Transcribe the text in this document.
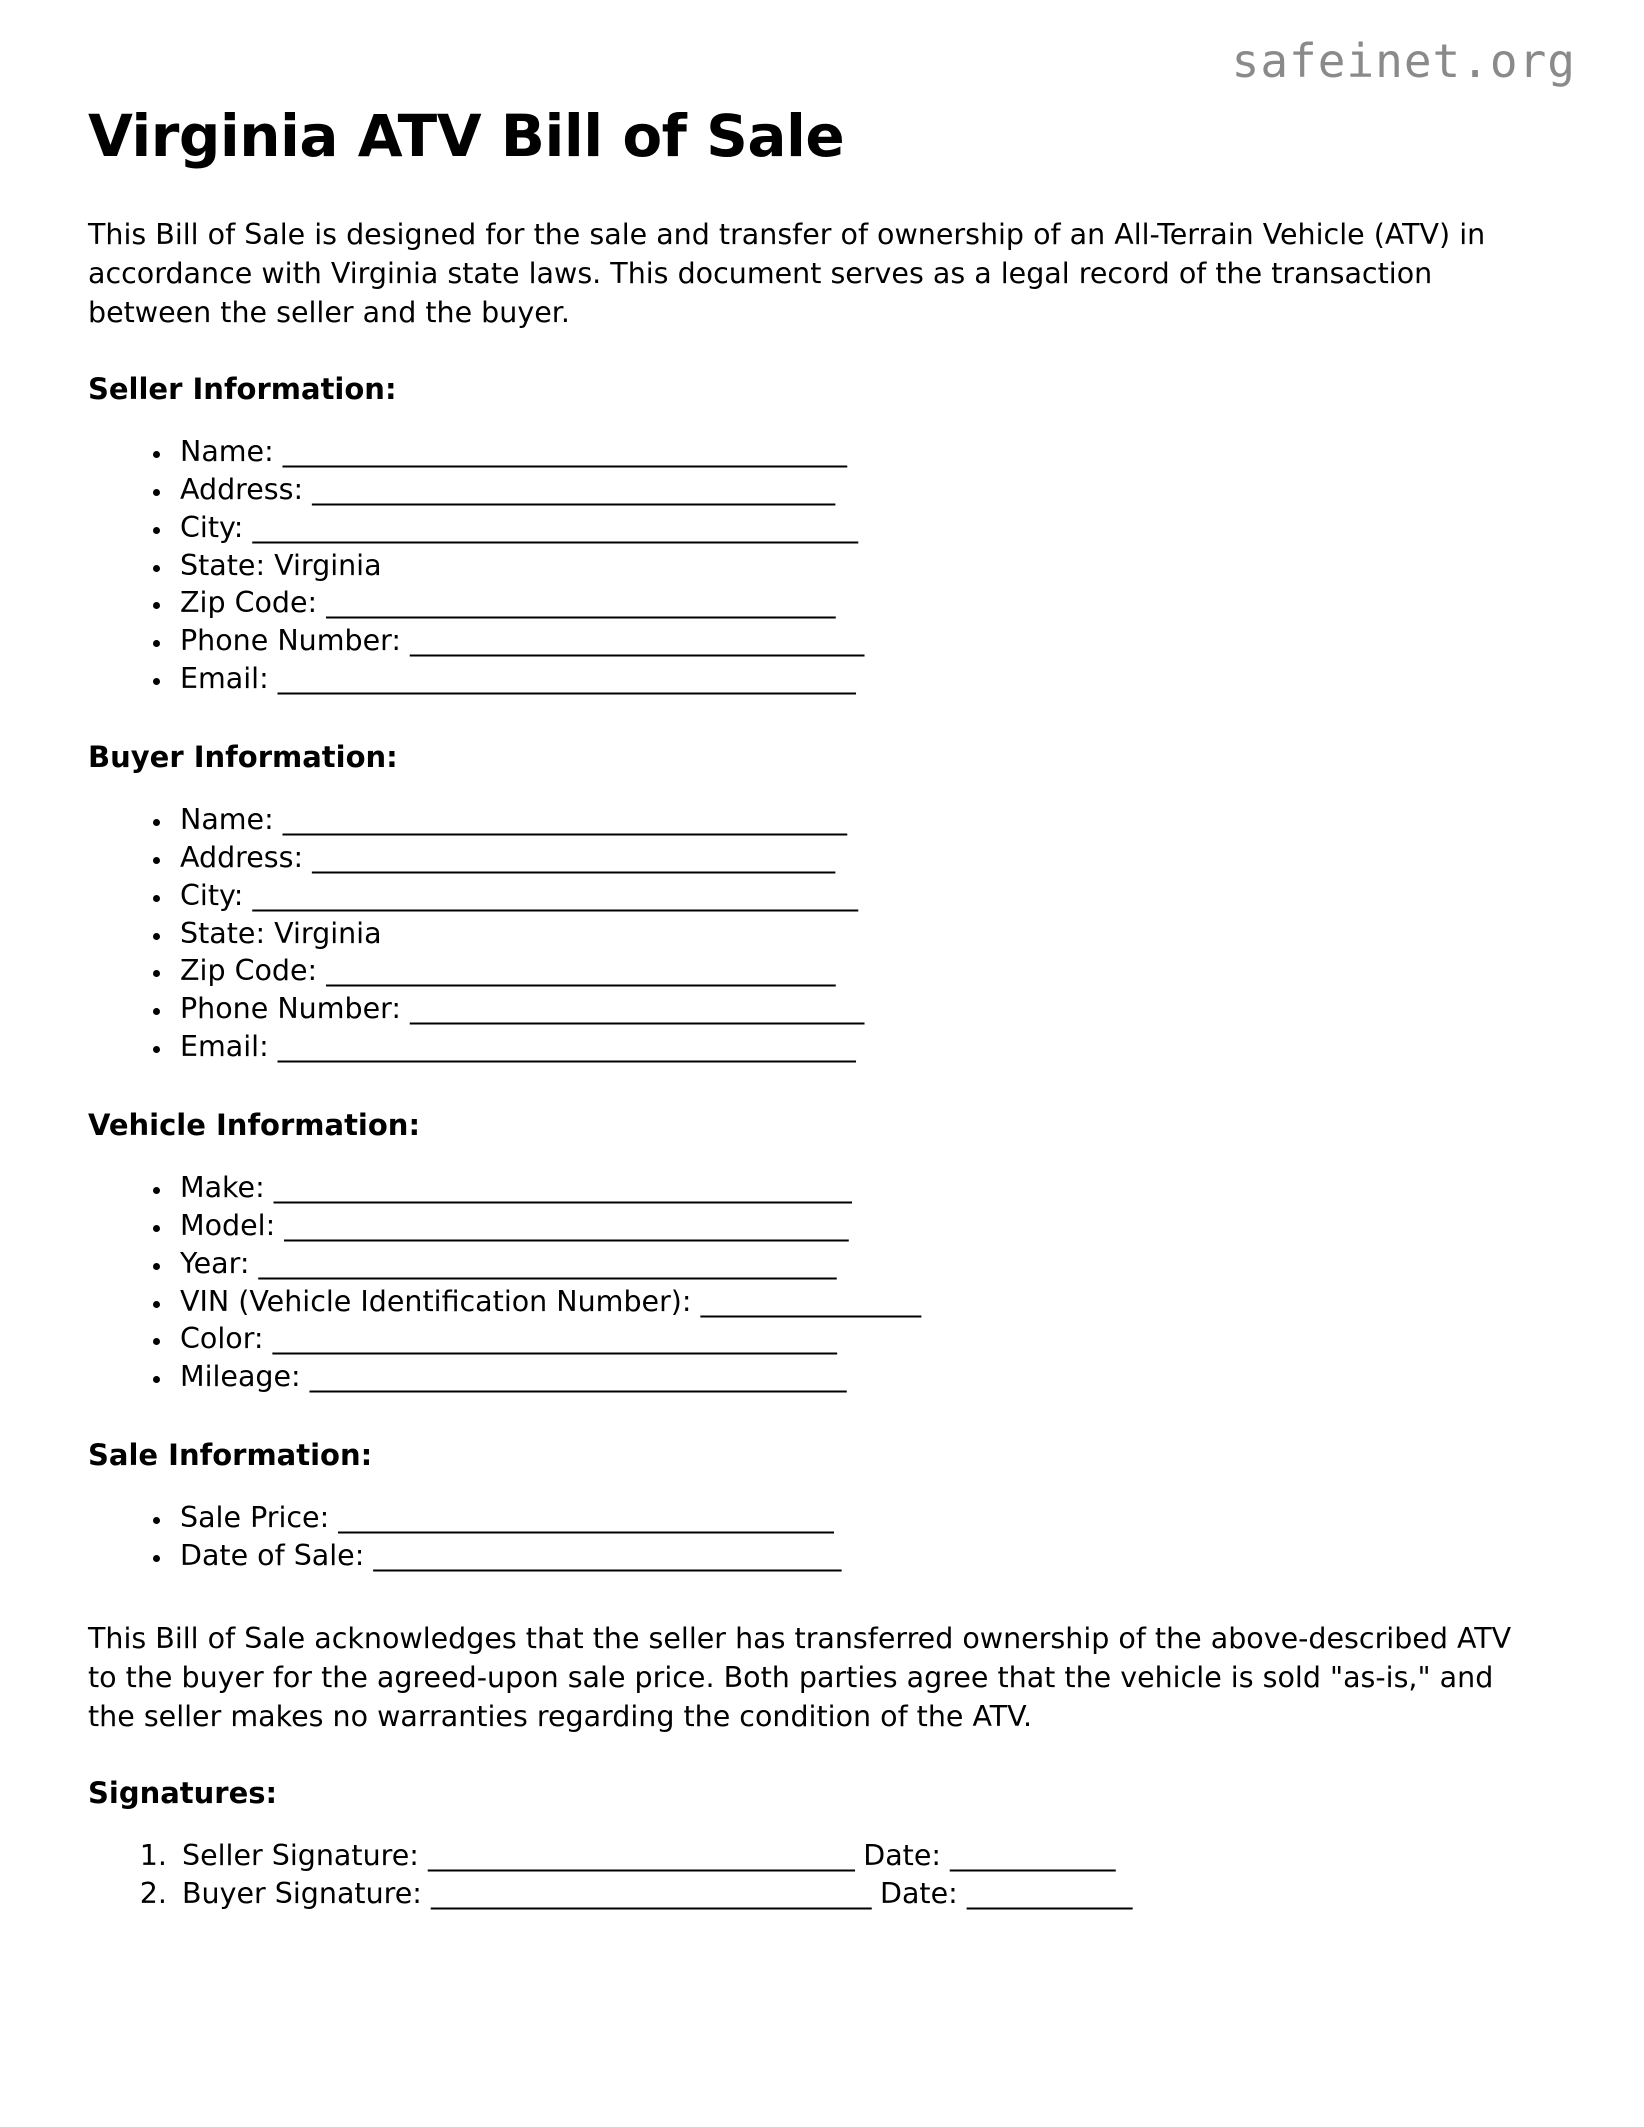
safeinet.org
Virginia ATV Bill of Sale

This Bill of Sale is designed for the sale and transfer of ownership of an All-Terrain Vehicle (ATV) in accordance with Virginia state laws. This document serves as a legal record of the transaction between the seller and the buyer.

Seller Information:
• Name: _________________________________________
• Address: ______________________________________
• City: ____________________________________________
• State: Virginia
• Zip Code: _____________________________________
• Phone Number: _________________________________
• Email: __________________________________________
Buyer Information:
• Name: _________________________________________
• Address: ______________________________________
• City: ____________________________________________
• State: Virginia
• Zip Code: _____________________________________
• Phone Number: _________________________________
• Email: __________________________________________
Vehicle Information:
• Make: __________________________________________
• Model: _________________________________________
• Year: __________________________________________
• VIN (Vehicle Identification Number): ________________
• Color: _________________________________________
• Mileage: _______________________________________
Sale Information:
• Sale Price: ____________________________________
• Date of Sale: __________________________________

This Bill of Sale acknowledges that the seller has transferred ownership of the above-described ATV to the buyer for the agreed-upon sale price. Both parties agree that the vehicle is sold "as-is," and the seller makes no warranties regarding the condition of the ATV.

Signatures:
1. Seller Signature: _______________________________ Date: ____________
2. Buyer Signature: ________________________________ Date: ____________
